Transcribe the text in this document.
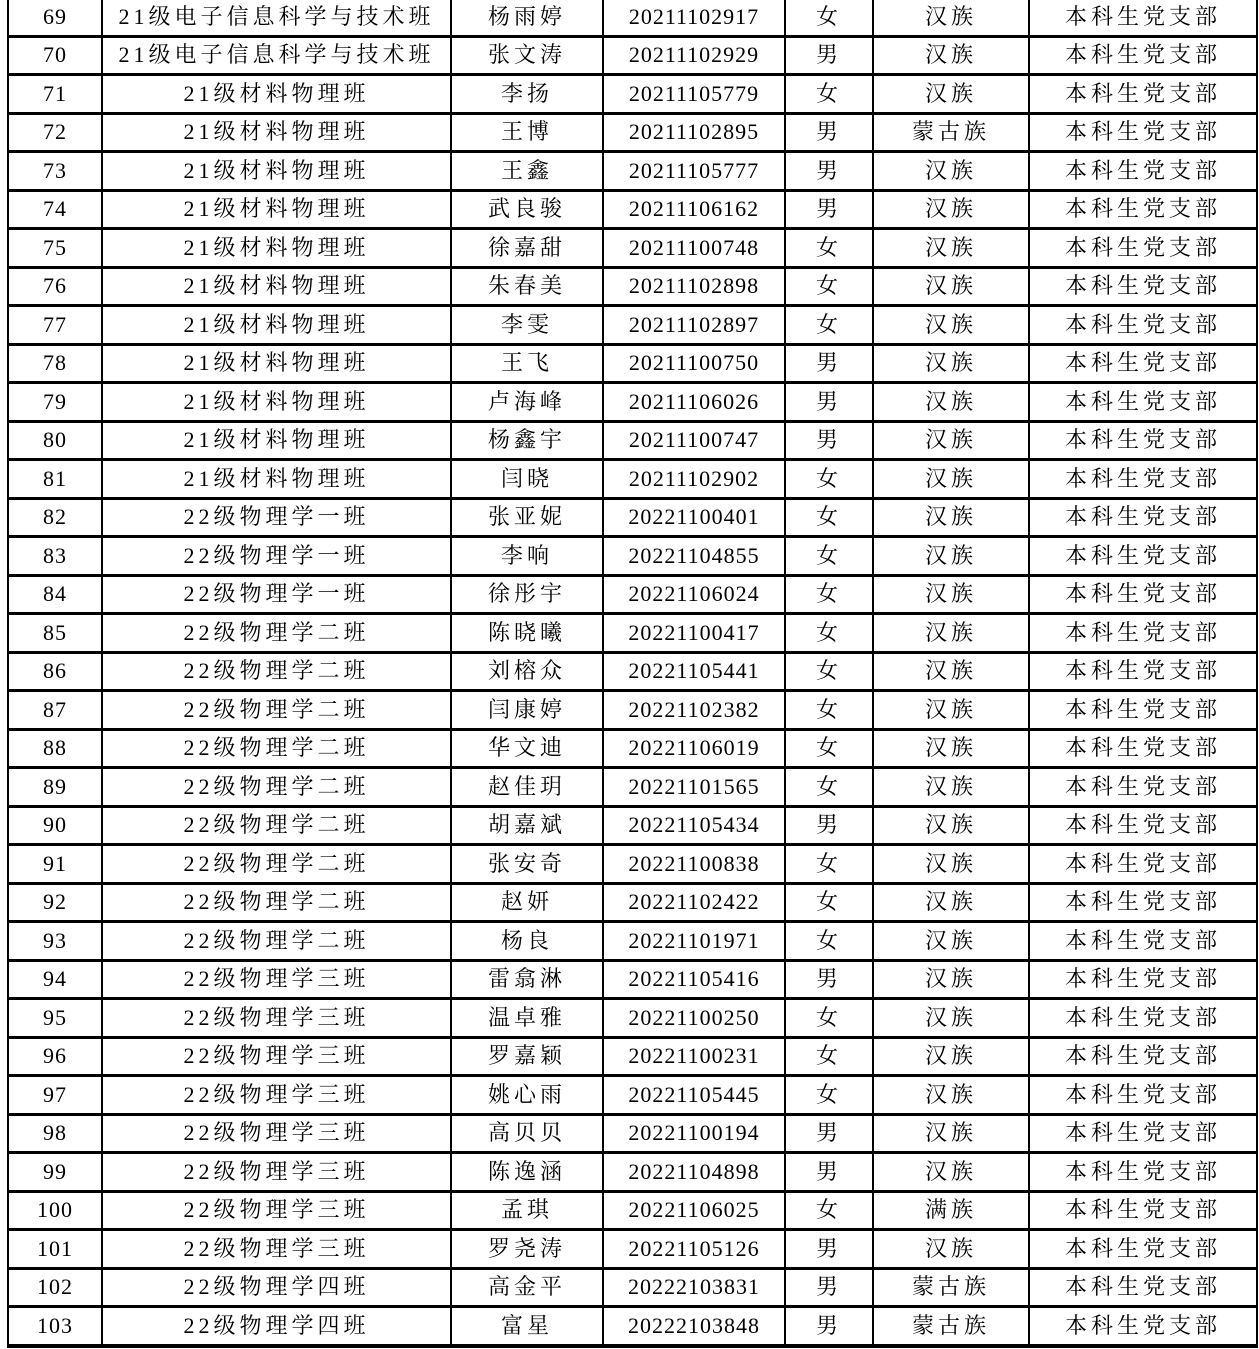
69	21级电子信息科学与技术班	杨雨婷	20211102917	女	汉族	本科生党支部
70	21级电子信息科学与技术班	张文涛	20211102929	男	汉族	本科生党支部
71	21级材料物理班	李扬	20211105779	女	汉族	本科生党支部
72	21级材料物理班	王博	20211102895	男	蒙古族	本科生党支部
73	21级材料物理班	王鑫	20211105777	男	汉族	本科生党支部
74	21级材料物理班	武良骏	20211106162	男	汉族	本科生党支部
75	21级材料物理班	徐嘉甜	20211100748	女	汉族	本科生党支部
76	21级材料物理班	朱春美	20211102898	女	汉族	本科生党支部
77	21级材料物理班	李雯	20211102897	女	汉族	本科生党支部
78	21级材料物理班	王飞	20211100750	男	汉族	本科生党支部
79	21级材料物理班	卢海峰	20211106026	男	汉族	本科生党支部
80	21级材料物理班	杨鑫宇	20211100747	男	汉族	本科生党支部
81	21级材料物理班	闫晓	20211102902	女	汉族	本科生党支部
82	22级物理学一班	张亚妮	20221100401	女	汉族	本科生党支部
83	22级物理学一班	李响	20221104855	女	汉族	本科生党支部
84	22级物理学一班	徐彤宇	20221106024	女	汉族	本科生党支部
85	22级物理学二班	陈晓曦	20221100417	女	汉族	本科生党支部
86	22级物理学二班	刘榕众	20221105441	女	汉族	本科生党支部
87	22级物理学二班	闫康婷	20221102382	女	汉族	本科生党支部
88	22级物理学二班	华文迪	20221106019	女	汉族	本科生党支部
89	22级物理学二班	赵佳玥	20221101565	女	汉族	本科生党支部
90	22级物理学二班	胡嘉斌	20221105434	男	汉族	本科生党支部
91	22级物理学二班	张安奇	20221100838	女	汉族	本科生党支部
92	22级物理学二班	赵妍	20221102422	女	汉族	本科生党支部
93	22级物理学二班	杨良	20221101971	女	汉族	本科生党支部
94	22级物理学三班	雷翕淋	20221105416	男	汉族	本科生党支部
95	22级物理学三班	温卓雅	20221100250	女	汉族	本科生党支部
96	22级物理学三班	罗嘉颖	20221100231	女	汉族	本科生党支部
97	22级物理学三班	姚心雨	20221105445	女	汉族	本科生党支部
98	22级物理学三班	高贝贝	20221100194	男	汉族	本科生党支部
99	22级物理学三班	陈逸涵	20221104898	男	汉族	本科生党支部
100	22级物理学三班	孟琪	20221106025	女	满族	本科生党支部
101	22级物理学三班	罗尧涛	20221105126	男	汉族	本科生党支部
102	22级物理学四班	高金平	20222103831	男	蒙古族	本科生党支部
103	22级物理学四班	富星	20222103848	男	蒙古族	本科生党支部
